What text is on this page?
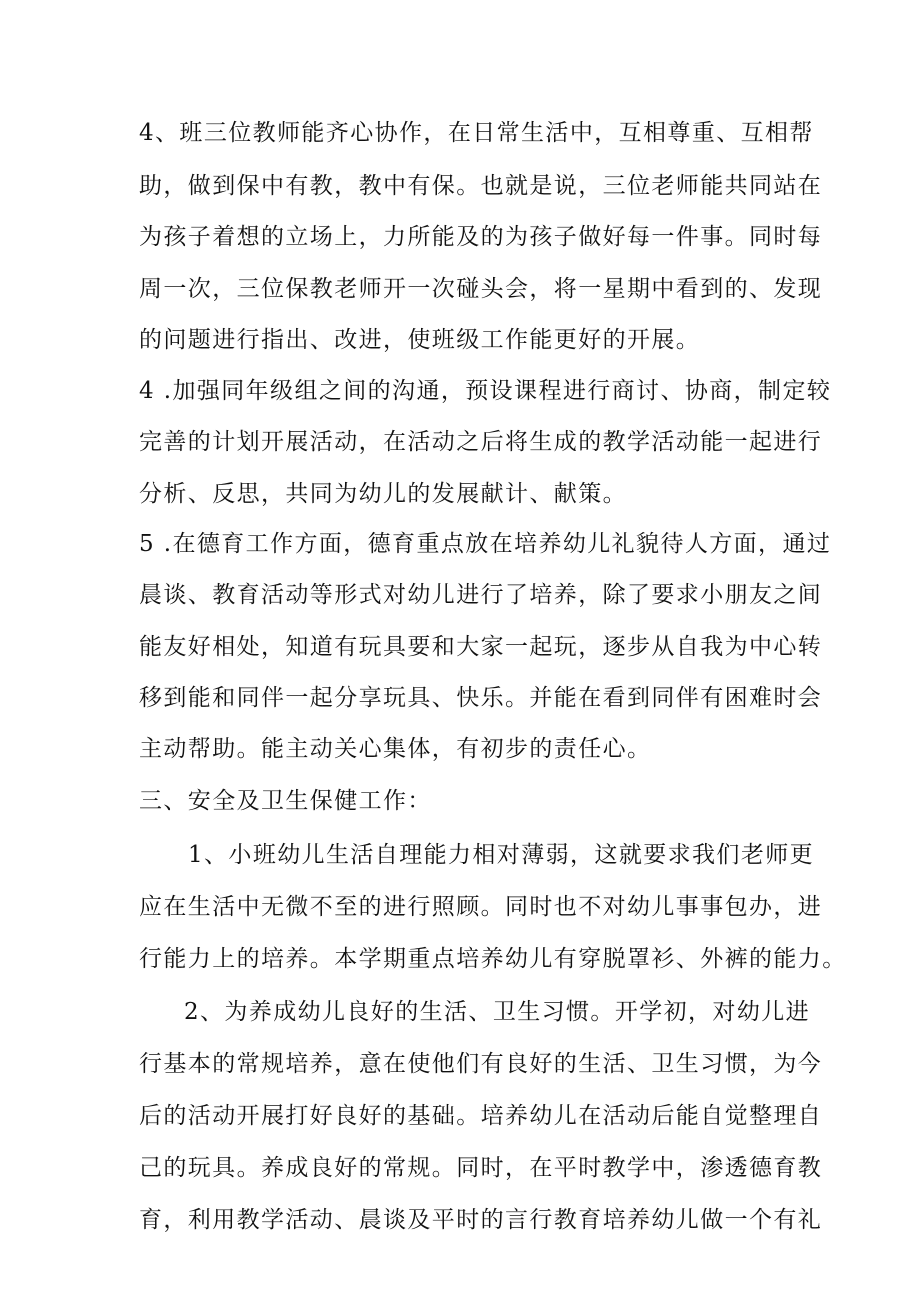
4、班三位教师能齐心协作，在日常生活中，互相尊重、互相帮
助，做到保中有教，教中有保。也就是说，三位老师能共同站在
为孩子着想的立场上，力所能及的为孩子做好每一件事。同时每
周一次，三位保教老师开一次碰头会，将一星期中看到的、发现
的问题进行指出、改进，使班级工作能更好的开展。
4 .加强同年级组之间的沟通，预设课程进行商讨、协商，制定较
完善的计划开展活动，在活动之后将生成的教学活动能一起进行
分析、反思，共同为幼儿的发展献计、献策。
5 .在德育工作方面，德育重点放在培养幼儿礼貌待人方面，通过
晨谈、教育活动等形式对幼儿进行了培养，除了要求小朋友之间
能友好相处，知道有玩具要和大家一起玩，逐步从自我为中心转
移到能和同伴一起分享玩具、快乐。并能在看到同伴有困难时会
主动帮助。能主动关心集体，有初步的责任心。
三、安全及卫生保健工作：
1、小班幼儿生活自理能力相对薄弱，这就要求我们老师更
应在生活中无微不至的进行照顾。同时也不对幼儿事事包办，进
行能力上的培养。本学期重点培养幼儿有穿脱罩衫、外裤的能力。
2、为养成幼儿良好的生活、卫生习惯。开学初，对幼儿进
行基本的常规培养，意在使他们有良好的生活、卫生习惯，为今
后的活动开展打好良好的基础。培养幼儿在活动后能自觉整理自
己的玩具。养成良好的常规。同时，在平时教学中，渗透德育教
育，利用教学活动、晨谈及平时的言行教育培养幼儿做一个有礼
